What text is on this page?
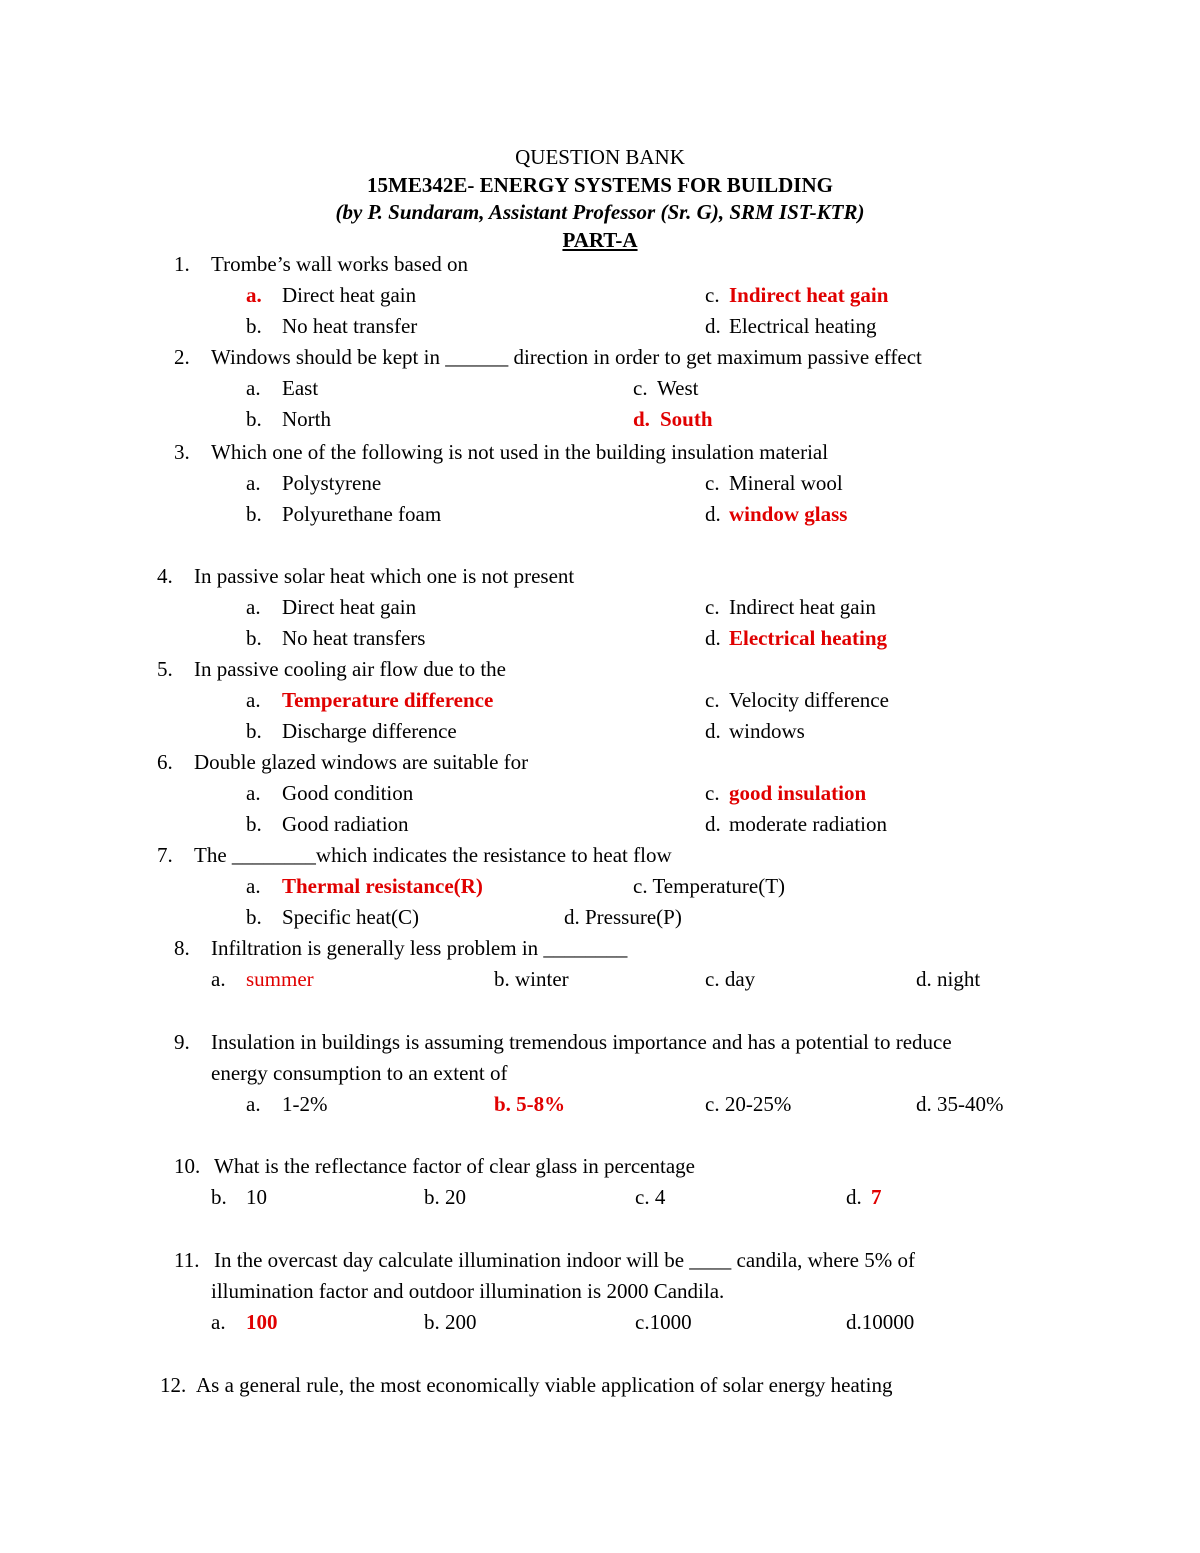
QUESTION BANK
15ME342E- ENERGY SYSTEMS FOR BUILDING
(by P. Sundaram, Assistant Professor (Sr. G), SRM IST-KTR)
PART-A
1. Trombe’s wall works based on
a. Direct heat gain	c. Indirect heat gain
b. No heat transfer	d. Electrical heating
2. Windows should be kept in ______ direction in order to get maximum passive effect
a. East	c. West
b. North	d. South
3. Which one of the following is not used in the building insulation material
a. Polystyrene	c. Mineral wool
b. Polyurethane foam	d. window glass
4. In passive solar heat which one is not present
a. Direct heat gain	c. Indirect heat gain
b. No heat transfers	d. Electrical heating
5. In passive cooling air flow due to the
a. Temperature difference	c. Velocity difference
b. Discharge difference	d. windows
6. Double glazed windows are suitable for
a. Good condition	c. good insulation
b. Good radiation	d. moderate radiation
7. The ________which indicates the resistance to heat flow
a. Thermal resistance(R)	c. Temperature(T)
b. Specific heat(C)	d. Pressure(P)
8. Infiltration is generally less problem in ________
a. summer	b. winter	c. day	d. night
9. Insulation in buildings is assuming tremendous importance and has a potential to reduce
energy consumption to an extent of
a. 1-2%	b. 5-8%	c. 20-25%	d. 35-40%
10. What is the reflectance factor of clear glass in percentage
b. 10	b. 20	c. 4	d. 7
11. In the overcast day calculate illumination indoor will be ____ candila, where 5% of
illumination factor and outdoor illumination is 2000 Candila.
a. 100	b. 200	c.1000	d.10000
12. As a general rule, the most economically viable application of solar energy heating
